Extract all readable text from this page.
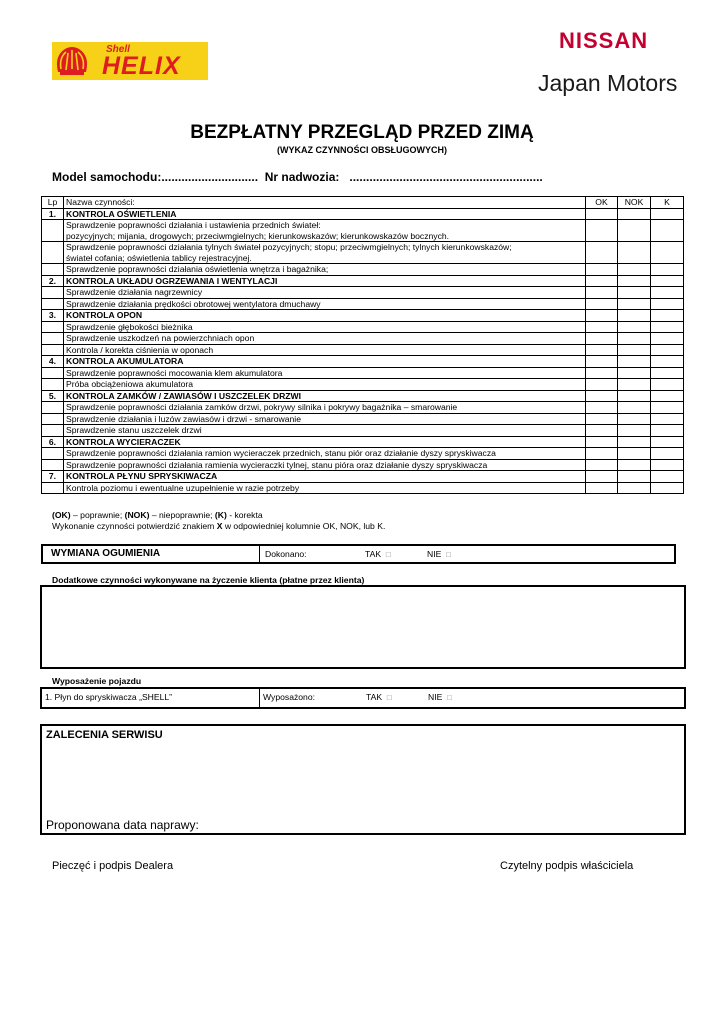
Shell
HELIX
NISSAN
Japan Motors
BEZPŁATNY PRZEGLĄD PRZED ZIMĄ
(WYKAZ CZYNNOŚCI OBSŁUGOWYCH)
Model samochodu:.............................  Nr nadwozia:   ..........................................................
Lp	Nazwa czynności:	OK	NOK	K
1.	KONTROLA OŚWIETLENIA			

	Sprawdzenie poprawności działania i ustawienia przednich świateł:
pozycyjnych; mijania, drogowych; przeciwmgielnych; kierunkowskazów; kierunkowskazów bocznych.			

	Sprawdzenie poprawności działania tylnych świateł pozycyjnych; stopu; przeciwmgielnych; tylnych kierunkowskazów;
świateł cofania; oświetlenia tablicy rejestracyjnej.			

	Sprawdzenie poprawności działania oświetlenia wnętrza i bagażnika;			

2.	KONTROLA UKŁADU OGRZEWANIA I WENTYLACJI			

	Sprawdzenie działania nagrzewnicy			

	Sprawdzenie działania prędkości obrotowej wentylatora dmuchawy			

3.	KONTROLA OPON			

	Sprawdzenie głębokości bieżnika			

	Sprawdzenie uszkodzeń na powierzchniach opon			

	Kontrola / korekta ciśnienia w oponach			

4.	KONTROLA AKUMULATORA			

	Sprawdzenie poprawności mocowania klem akumulatora			

	Próba obciążeniowa akumulatora			

5.	KONTROLA ZAMKÓW / ZAWIASÓW I USZCZELEK DRZWI			

	Sprawdzenie poprawności działania zamków drzwi, pokrywy silnika i pokrywy bagażnika – smarowanie			

	Sprawdzenie działania i luzów zawiasów i drzwi - smarowanie			

	Sprawdzenie stanu uszczelek drzwi			

6.	KONTROLA WYCIERACZEK			

	Sprawdzenie poprawności działania ramion wycieraczek przednich, stanu piór oraz działanie dyszy spryskiwacza			

	Sprawdzenie poprawności działania ramienia wycieraczki tylnej, stanu pióra oraz działanie dyszy spryskiwacza			

7.	KONTROLA PŁYNU SPRYSKIWACZA			

	Kontrola poziomu i ewentualne uzupełnienie w razie potrzeby			

(OK) – poprawnie; (NOK) – niepoprawnie; (K) - korekta
Wykonanie czynności potwierdzić znakiem X w odpowiedniej kolumnie OK, NOK, lub K.
WYMIANA OGUMIENIA	Dokonano:	TAK □	NIE □
Dodatkowe czynności wykonywane na życzenie klienta (płatne przez klienta)
Wyposażenie pojazdu
1. Płyn do spryskiwacza „SHELL”	Wyposażono:	TAK □	NIE □
ZALECENIA SERWISU
Proponowana data naprawy:
Pieczęć i podpis Dealera	Czytelny podpis właściciela
